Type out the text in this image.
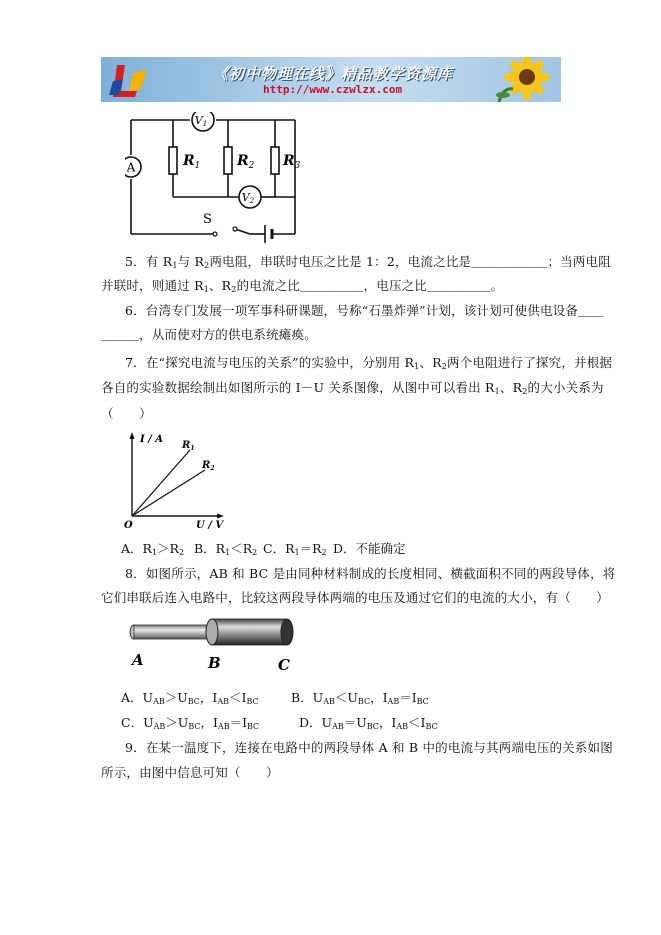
《初中物理在线》精品教学资源库
http://www.czwlzx.com
A
V1
V2
$R_1$	$R_2$ $R_3$
S
5．有 $R_1$与 $R_2$两电阻，串联时电压之比是 1：2，电流之比是＿＿＿＿＿＿；当两电阻
并联时，则通过 $R_1$、$R_2$的电流之比＿＿＿＿＿，电压之比＿＿＿＿＿。
6．台湾专门发展一项军事科研课题，号称“石墨炸弹”计划，该计划可使供电设备＿＿
＿＿＿，从而使对方的供电系统瘫痪。
7．在“探究电流与电压的关系”的实验中，分别用 $R_1$、$R_2$两个电阻进行了探究，并根据
各自的实验数据绘制出如图所示的 I－U 关系图像，从图中可以看出 $R_1$、$R_2$的大小关系为
（　　）
I / A
$R_1$
$R_2$
O	U / V
A．$R_1>R_2$ B．$R_1<R_2$ C．$R_1=R_2$ D．不能确定
8．如图所示，AB 和 BC 是由同种材料制成的长度相同、横截面积不同的两段导体，将
它们串联后连入电路中，比较这两段导体两端的电压及通过它们的电流的大小，有（　　）
A	B	C
A．$U_{AB}>U_{BC}$，$I_{AB}<I_{BC}$	B．$U_{AB}<U_{BC}$，$I_{AB}=I_{BC}$
C．$U_{AB}>U_{BC}$，$I_{AB}=I_{BC}$	D．$U_{AB}=U_{BC}$，$I_{AB}<I_{BC}$
9．在某一温度下，连接在电路中的两段导体 A 和 B 中的电流与其两端电压的关系如图
所示，由图中信息可知（　　）
